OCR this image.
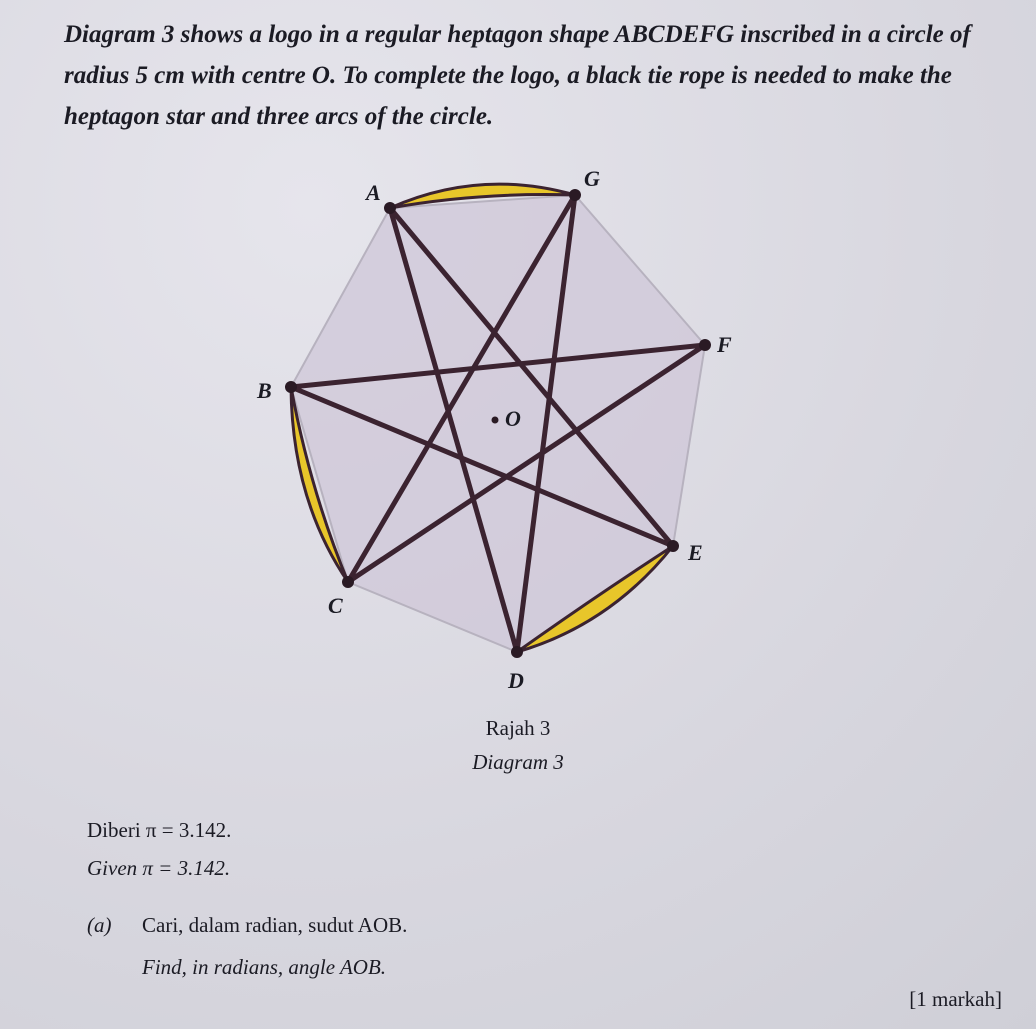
Diagram 3 shows a logo in a regular heptagon shape ABCDEFG inscribed in a circle of radius 5 cm with centre O. To complete the logo, a black tie rope is needed to make the heptagon star and three arcs of the circle.

A
G
F
E
D
C
B
O

Rajah 3

Diagram 3

Diberi π = 3.142.

Given π = 3.142.

(a) Cari, dalam radian, sudut AOB.
Find, in radians, angle AOB.
[1 markah]
